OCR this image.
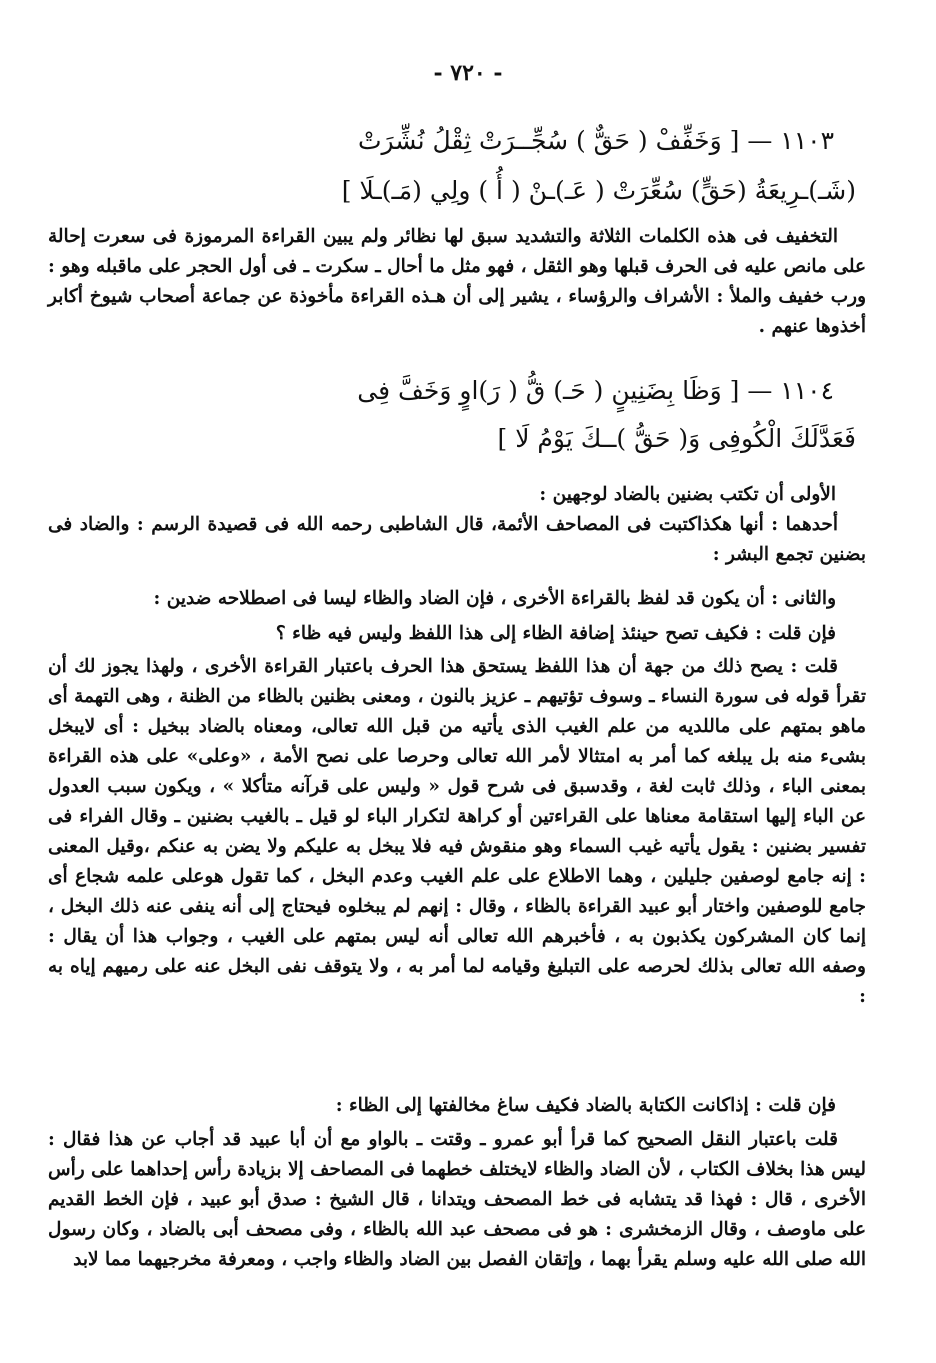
- ٧٢٠ -
١١٠٣ — [ وَخَفِّفْ ( حَقٌّ ) سُجِّــرَتْ ثِقْلُ نُشِّرَتْ
(شَـ)ـرِيعَةُ (حَقٍّ) سُعِّرَتْ ( عَـ)ـنْ ( أُ ) ولِي (مَـ)ـلَا ]

التخفيف فى هذه الكلمات الثلاثة والتشديد سبق لها نظائر ولم يبين القراءة المرموزة فى سعرت إحالة على مانص عليه فى الحرف قبلها وهو الثقل ، فهو مثل ما أحال ـ سكرت ـ فى أول الحجر على ماقبله وهو : ورب خفيف والملأ : الأشراف والرؤساء ، يشير إلى أن هـذه القراءة مأخوذة عن جماعة أصحاب شيوخ أكابر أخذوها عنهم .

١١٠٤ — [ وَظَا بِضَنِينٍ ( حَـ) قُّ ( رَ)اوٍ وَخَفَّ فِى
فَعَدَّلَكَ الْكُوفِى وَ( حَقُّ )ــكَ يَوْمُ لَا ]
الأولى أن تكتب بضنين بالضاد لوجهين :

أحدهما : أنها هكذاكتبت فى المصاحف الأئمة، قال الشاطبى رحمه الله فى قصيدة الرسم : والضاد فى بضنين تجمع البشر :

والثانى : أن يكون قد لفظ بالقراءة الأخرى ، فإن الضاد والظاء ليسا فى اصطلاحه ضدين :
فإن قلت : فكيف تصح حينئذ إضافة الظاء إلى هذا اللفظ وليس فيه ظاء ؟

قلت : يصح ذلك من جهة أن هذا اللفظ يستحق هذا الحرف باعتبار القراءة الأخرى ، ولهذا يجوز لك أن تقرأ قوله فى سورة النساء ـ وسوف تؤتيهم ـ عزيز بالنون ، ومعنى بظنين بالظاء من الظنة ، وهى التهمة أى ماهو بمتهم على ماللديه من علم الغيب الذى يأتيه من قبل الله تعالى، ومعناه بالضاد ببخيل : أى لايبخل بشىء منه بل يبلغه كما أمر به امتثالا لأمر الله تعالى وحرصا على نصح الأمة ، «وعلى» على هذه القراءة بمعنى الباء ، وذلك ثابت لغة ، وقدسبق فى شرح قول « وليس على قرآنه متأكلا » ، ويكون سبب العدول عن الباء إليها استقامة معناها على القراءتين أو كراهة لتكرار الباء لو قيل ـ بالغيب بضنين ـ وقال الفراء فى تفسير بضنين : يقول يأتيه غيب السماء وهو منقوش فيه فلا يبخل به عليكم ولا يضن به عنكم ،وقيل المعنى : إنه جامع لوصفين جليلين ، وهما الاطلاع على علم الغيب وعدم البخل ، كما تقول هوعلى علمه شجاع أى جامع للوصفين واختار أبو عبيد القراءة بالظاء ، وقال : إنهم لم يبخلوه فيحتاج إلى أنه ينفى عنه ذلك البخل ، إنما كان المشركون يكذبون به ، فأخبرهم الله تعالى أنه ليس بمتهم على الغيب ، وجواب هذا أن يقال : وصفه الله تعالى بذلك لحرصه على التبليغ وقيامه لما أمر به ، ولا يتوقف نفى البخل عنه على رميهم إياه به :

فإن قلت : إذاكانت الكتابة بالضاد فكيف ساغ مخالفتها إلى الظاء :

قلت باعتبار النقل الصحيح كما قرأ أبو عمرو ـ وقتت ـ بالواو مع أن أبا عبيد قد أجاب عن هذا فقال : ليس هذا بخلاف الكتاب ، لأن الضاد والظاء لايختلف خطهما فى المصاحف إلا بزيادة رأس إحداهما على رأس الأخرى ، قال : فهذا قد يتشابه فى خط المصحف ويتدانا ، قال الشيخ : صدق أبو عبيد ، فإن الخط القديم على ماوصف ، وقال الزمخشرى : هو فى مصحف عبد الله بالظاء ، وفى مصحف أبى بالضاد ، وكان رسول الله صلى الله عليه وسلم يقرأ بهما ، وإتقان الفصل بين الضاد والظاء واجب ، ومعرفة مخرجيهما مما لابد
